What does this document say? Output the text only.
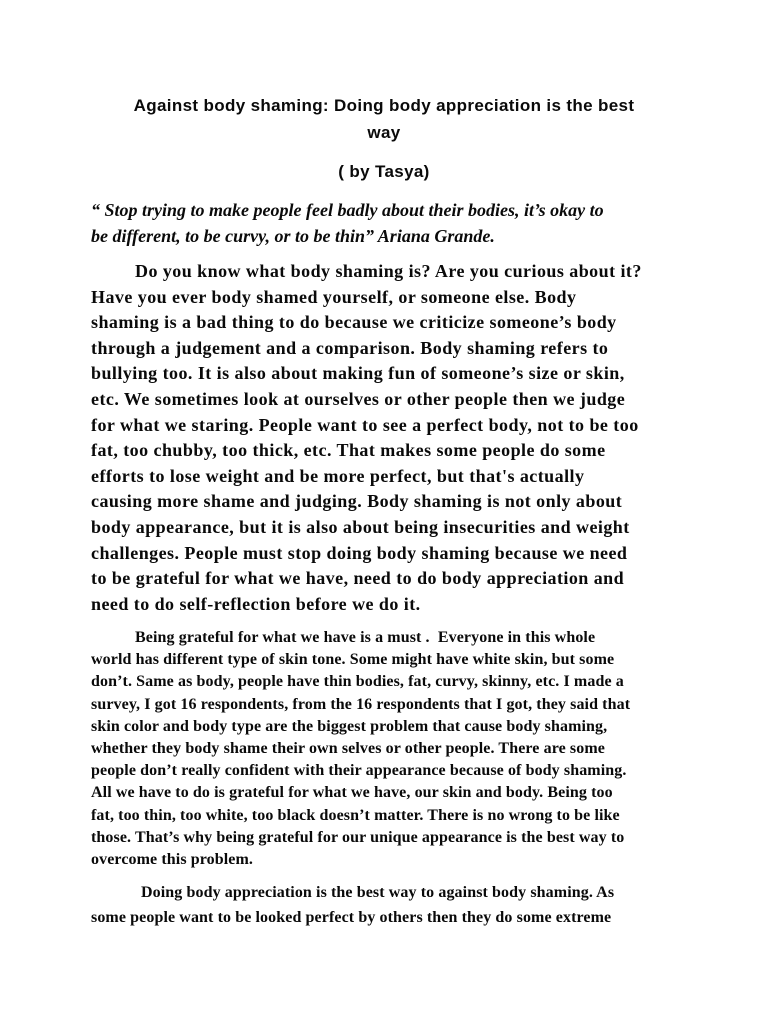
Against body shaming: Doing body appreciation is the best
way
( by Tasya)
“ Stop trying to make people feel badly about their bodies, it’s okay to
be different, to be curvy, or to be thin” Ariana Grande.
Do you know what body shaming is? Are you curious about it?
Have you ever body shamed yourself, or someone else. Body
shaming is a bad thing to do because we criticize someone’s body
through a judgement and a comparison. Body shaming refers to
bullying too. It is also about making fun of someone’s size or skin,
etc. We sometimes look at ourselves or other people then we judge
for what we staring. People want to see a perfect body, not to be too
fat, too chubby, too thick, etc. That makes some people do some
efforts to lose weight and be more perfect, but that's actually
causing more shame and judging. Body shaming is not only about
body appearance, but it is also about being insecurities and weight
challenges. People must stop doing body shaming because we need
to be grateful for what we have, need to do body appreciation and
need to do self-reflection before we do it.
Being grateful for what we have is a must .  Everyone in this whole
world has different type of skin tone. Some might have white skin, but some
don’t. Same as body, people have thin bodies, fat, curvy, skinny, etc. I made a
survey, I got 16 respondents, from the 16 respondents that I got, they said that
skin color and body type are the biggest problem that cause body shaming,
whether they body shame their own selves or other people. There are some
people don’t really confident with their appearance because of body shaming.
All we have to do is grateful for what we have, our skin and body. Being too
fat, too thin, too white, too black doesn’t matter. There is no wrong to be like
those. That’s why being grateful for our unique appearance is the best way to
overcome this problem.
Doing body appreciation is the best way to against body shaming. As
some people want to be looked perfect by others then they do some extreme
